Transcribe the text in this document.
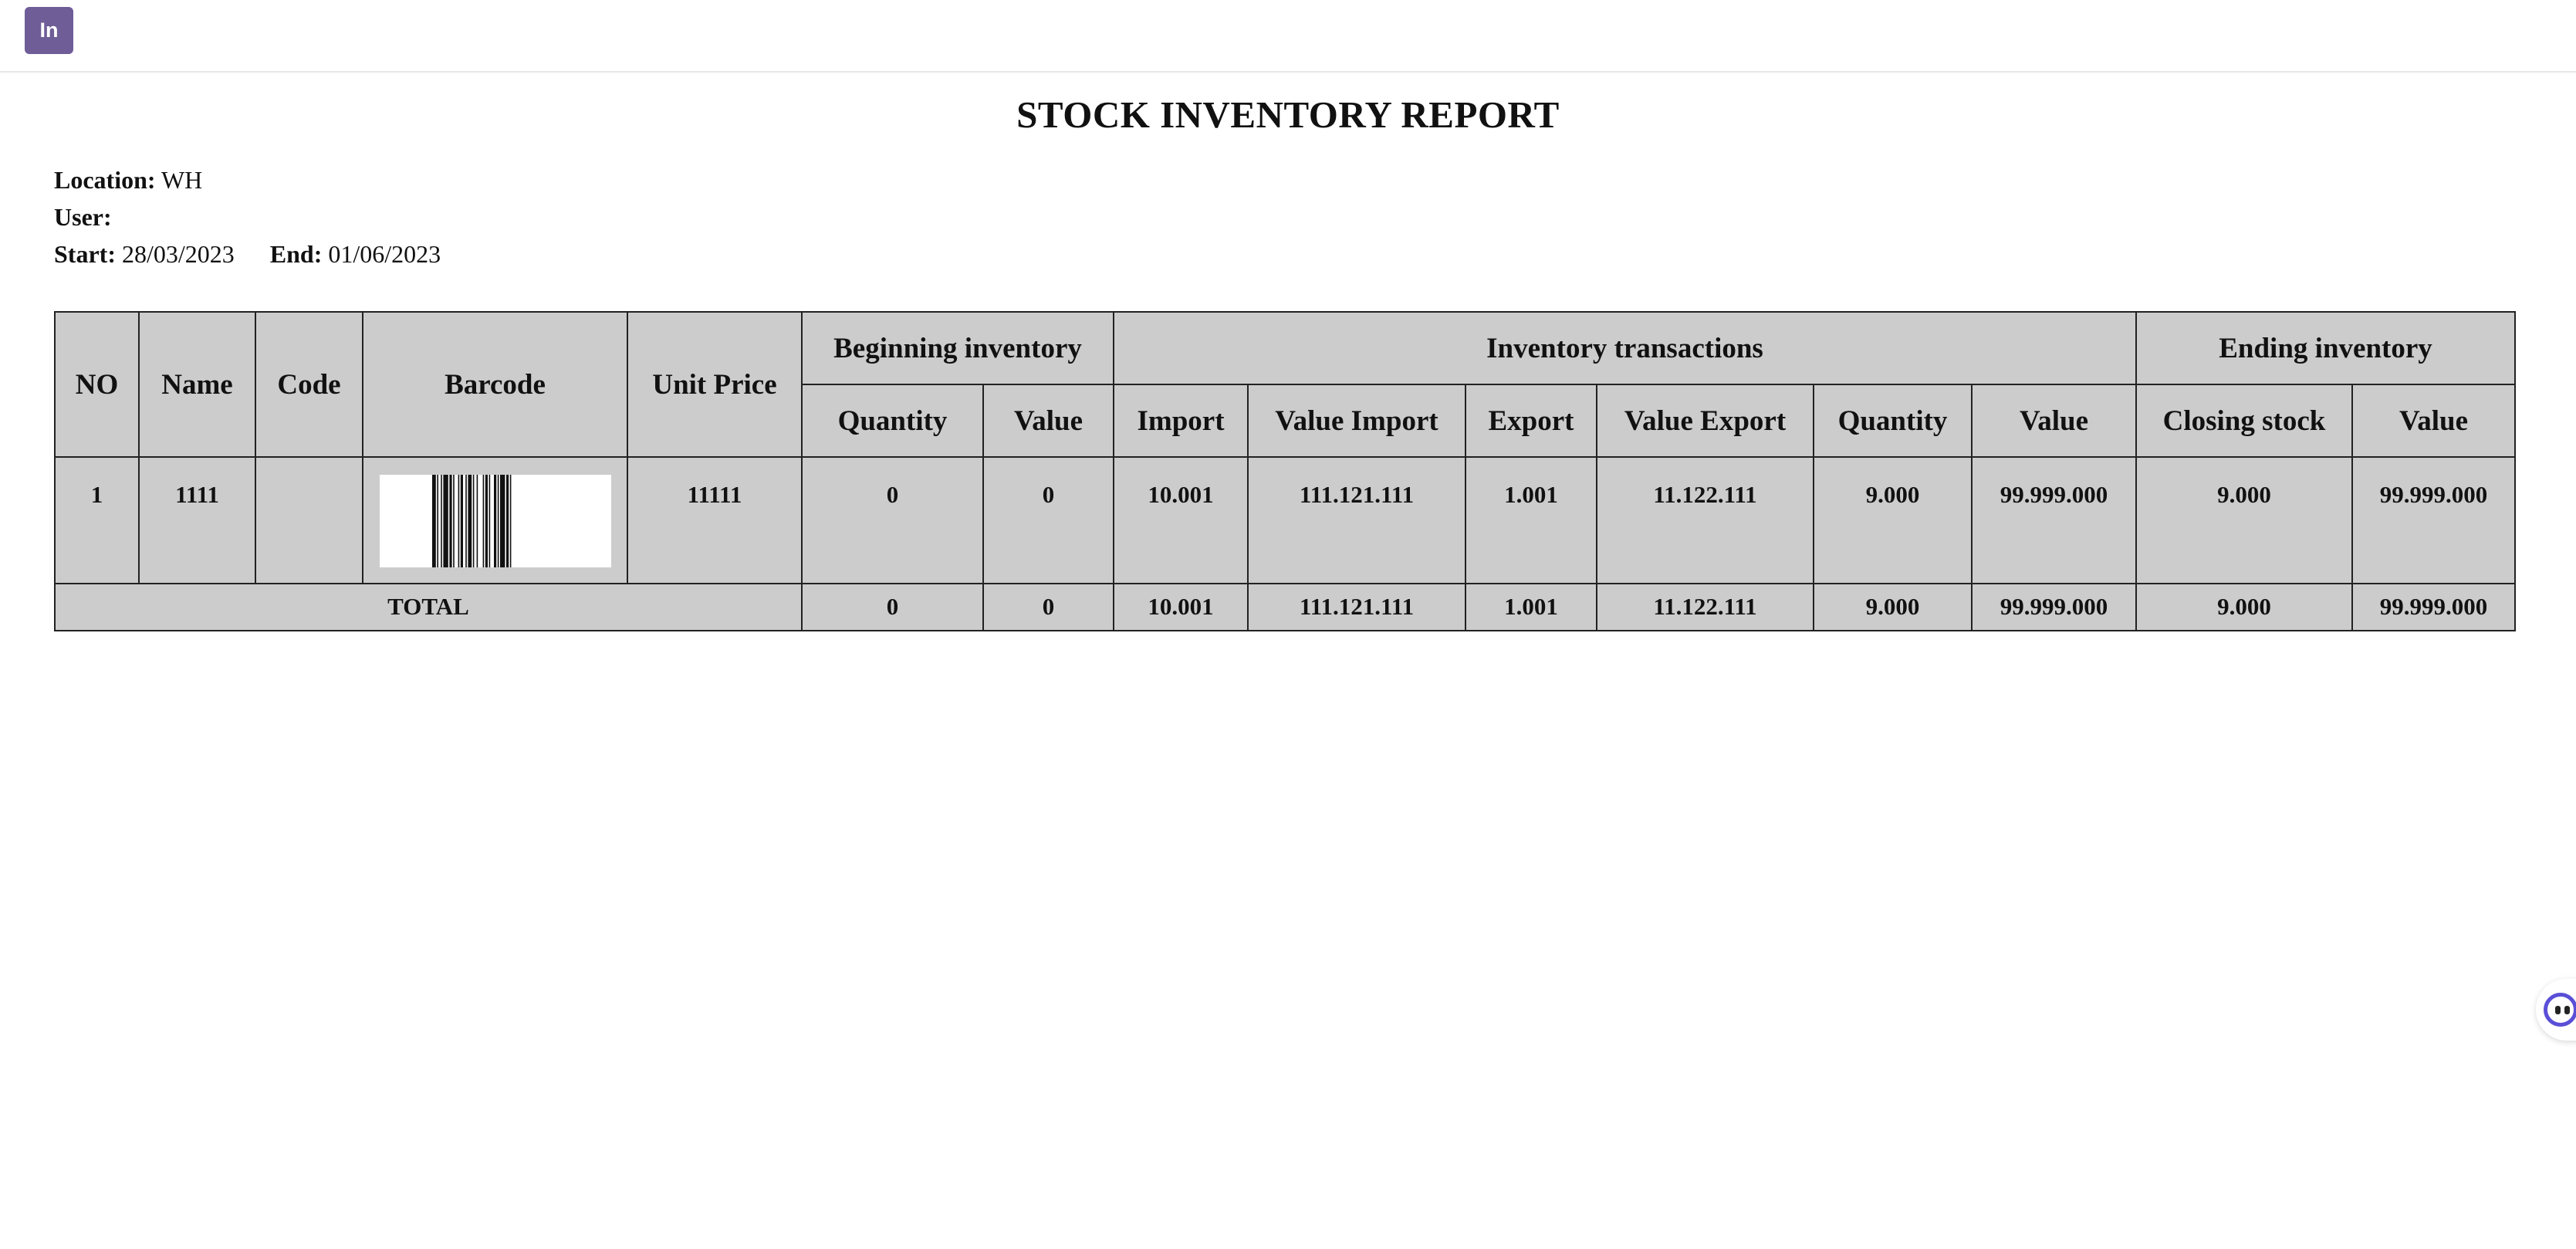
In
STOCK INVENTORY REPORT
Location: WH
User:
Start: 28/03/2023 End: 01/06/2023
NO	Name	Code	Barcode	Unit Price	Beginning inventory		Inventory transactions						Ending inventory	
					Quantity	Value	Import	Value Import	Export	Value Export	Quantity	Value	Closing stock	Value
1	1111			11111	0	0	10.001	111.121.111	1.001	11.122.111	9.000	99.999.000	9.000	99.999.000
TOTAL					0	0	10.001	111.121.111	1.001	11.122.111	9.000	99.999.000	9.000	99.999.000
